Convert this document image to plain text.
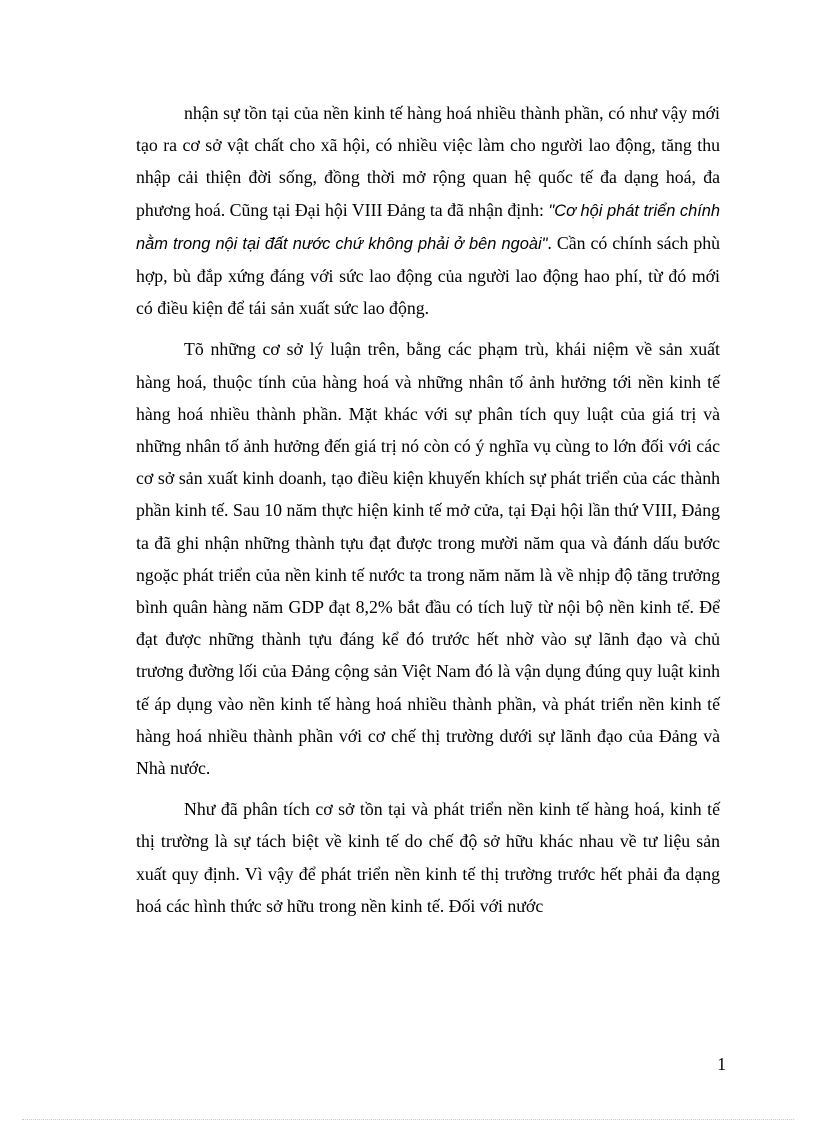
nhận sự tồn tại của nền kinh tế hàng hoá nhiều thành phần, có như vậy mới tạo ra cơ sở vật chất cho xã hội, có nhiều việc làm cho người lao động, tăng thu nhập cải thiện đời sống, đồng thời mở rộng quan hệ quốc tế đa dạng hoá, đa phương hoá. Cũng tại Đại hội VIII Đảng ta đã nhận định: "Cơ hội phát triển chính nằm trong nội tại đất nước chứ không phải ở bên ngoài". Cần có chính sách phù hợp, bù đắp xứng đáng với sức lao động của người lao động hao phí, từ đó mới có điều kiện để tái sản xuất sức lao động.

Tõ những cơ sở lý luận trên, bằng các phạm trù, khái niệm về sản xuất hàng hoá, thuộc tính của hàng hoá và những nhân tố ảnh hưởng tới nền kinh tế hàng hoá nhiều thành phần. Mặt khác với sự phân tích quy luật của giá trị và những nhân tố ảnh hưởng đến giá trị nó còn có ý nghĩa vụ cùng to lớn đối với các cơ sở sản xuất kinh doanh, tạo điều kiện khuyến khích sự phát triển của các thành phần kinh tế. Sau 10 năm thực hiện kinh tế mở cửa, tại Đại hội lần thứ VIII, Đảng ta đã ghi nhận những thành tựu đạt được trong mười năm qua và đánh dấu bước ngoặc phát triển của nền kinh tế nước ta trong năm năm là về nhịp độ tăng trưởng bình quân hàng năm GDP đạt 8,2% bắt đầu có tích luỹ từ nội bộ nền kinh tế. Để đạt được những thành tựu đáng kể đó trước hết nhờ vào sự lãnh đạo và chủ trương đường lối của Đảng cộng sản Việt Nam đó là vận dụng đúng quy luật kinh tế áp dụng vào nền kinh tế hàng hoá nhiều thành phần, và phát triển nền kinh tế hàng hoá nhiều thành phần với cơ chế thị trường dưới sự lãnh đạo của Đảng và Nhà nước.

Như đã phân tích cơ sở tồn tại và phát triển nền kinh tế hàng hoá, kinh tế thị trường là sự tách biệt về kinh tế do chế độ sở hữu khác nhau về tư liệu sản xuất quy định. Vì vậy để phát triển nền kinh tế thị trường trước hết phải đa dạng hoá các hình thức sở hữu trong nền kinh tế. Đối với nước

1
